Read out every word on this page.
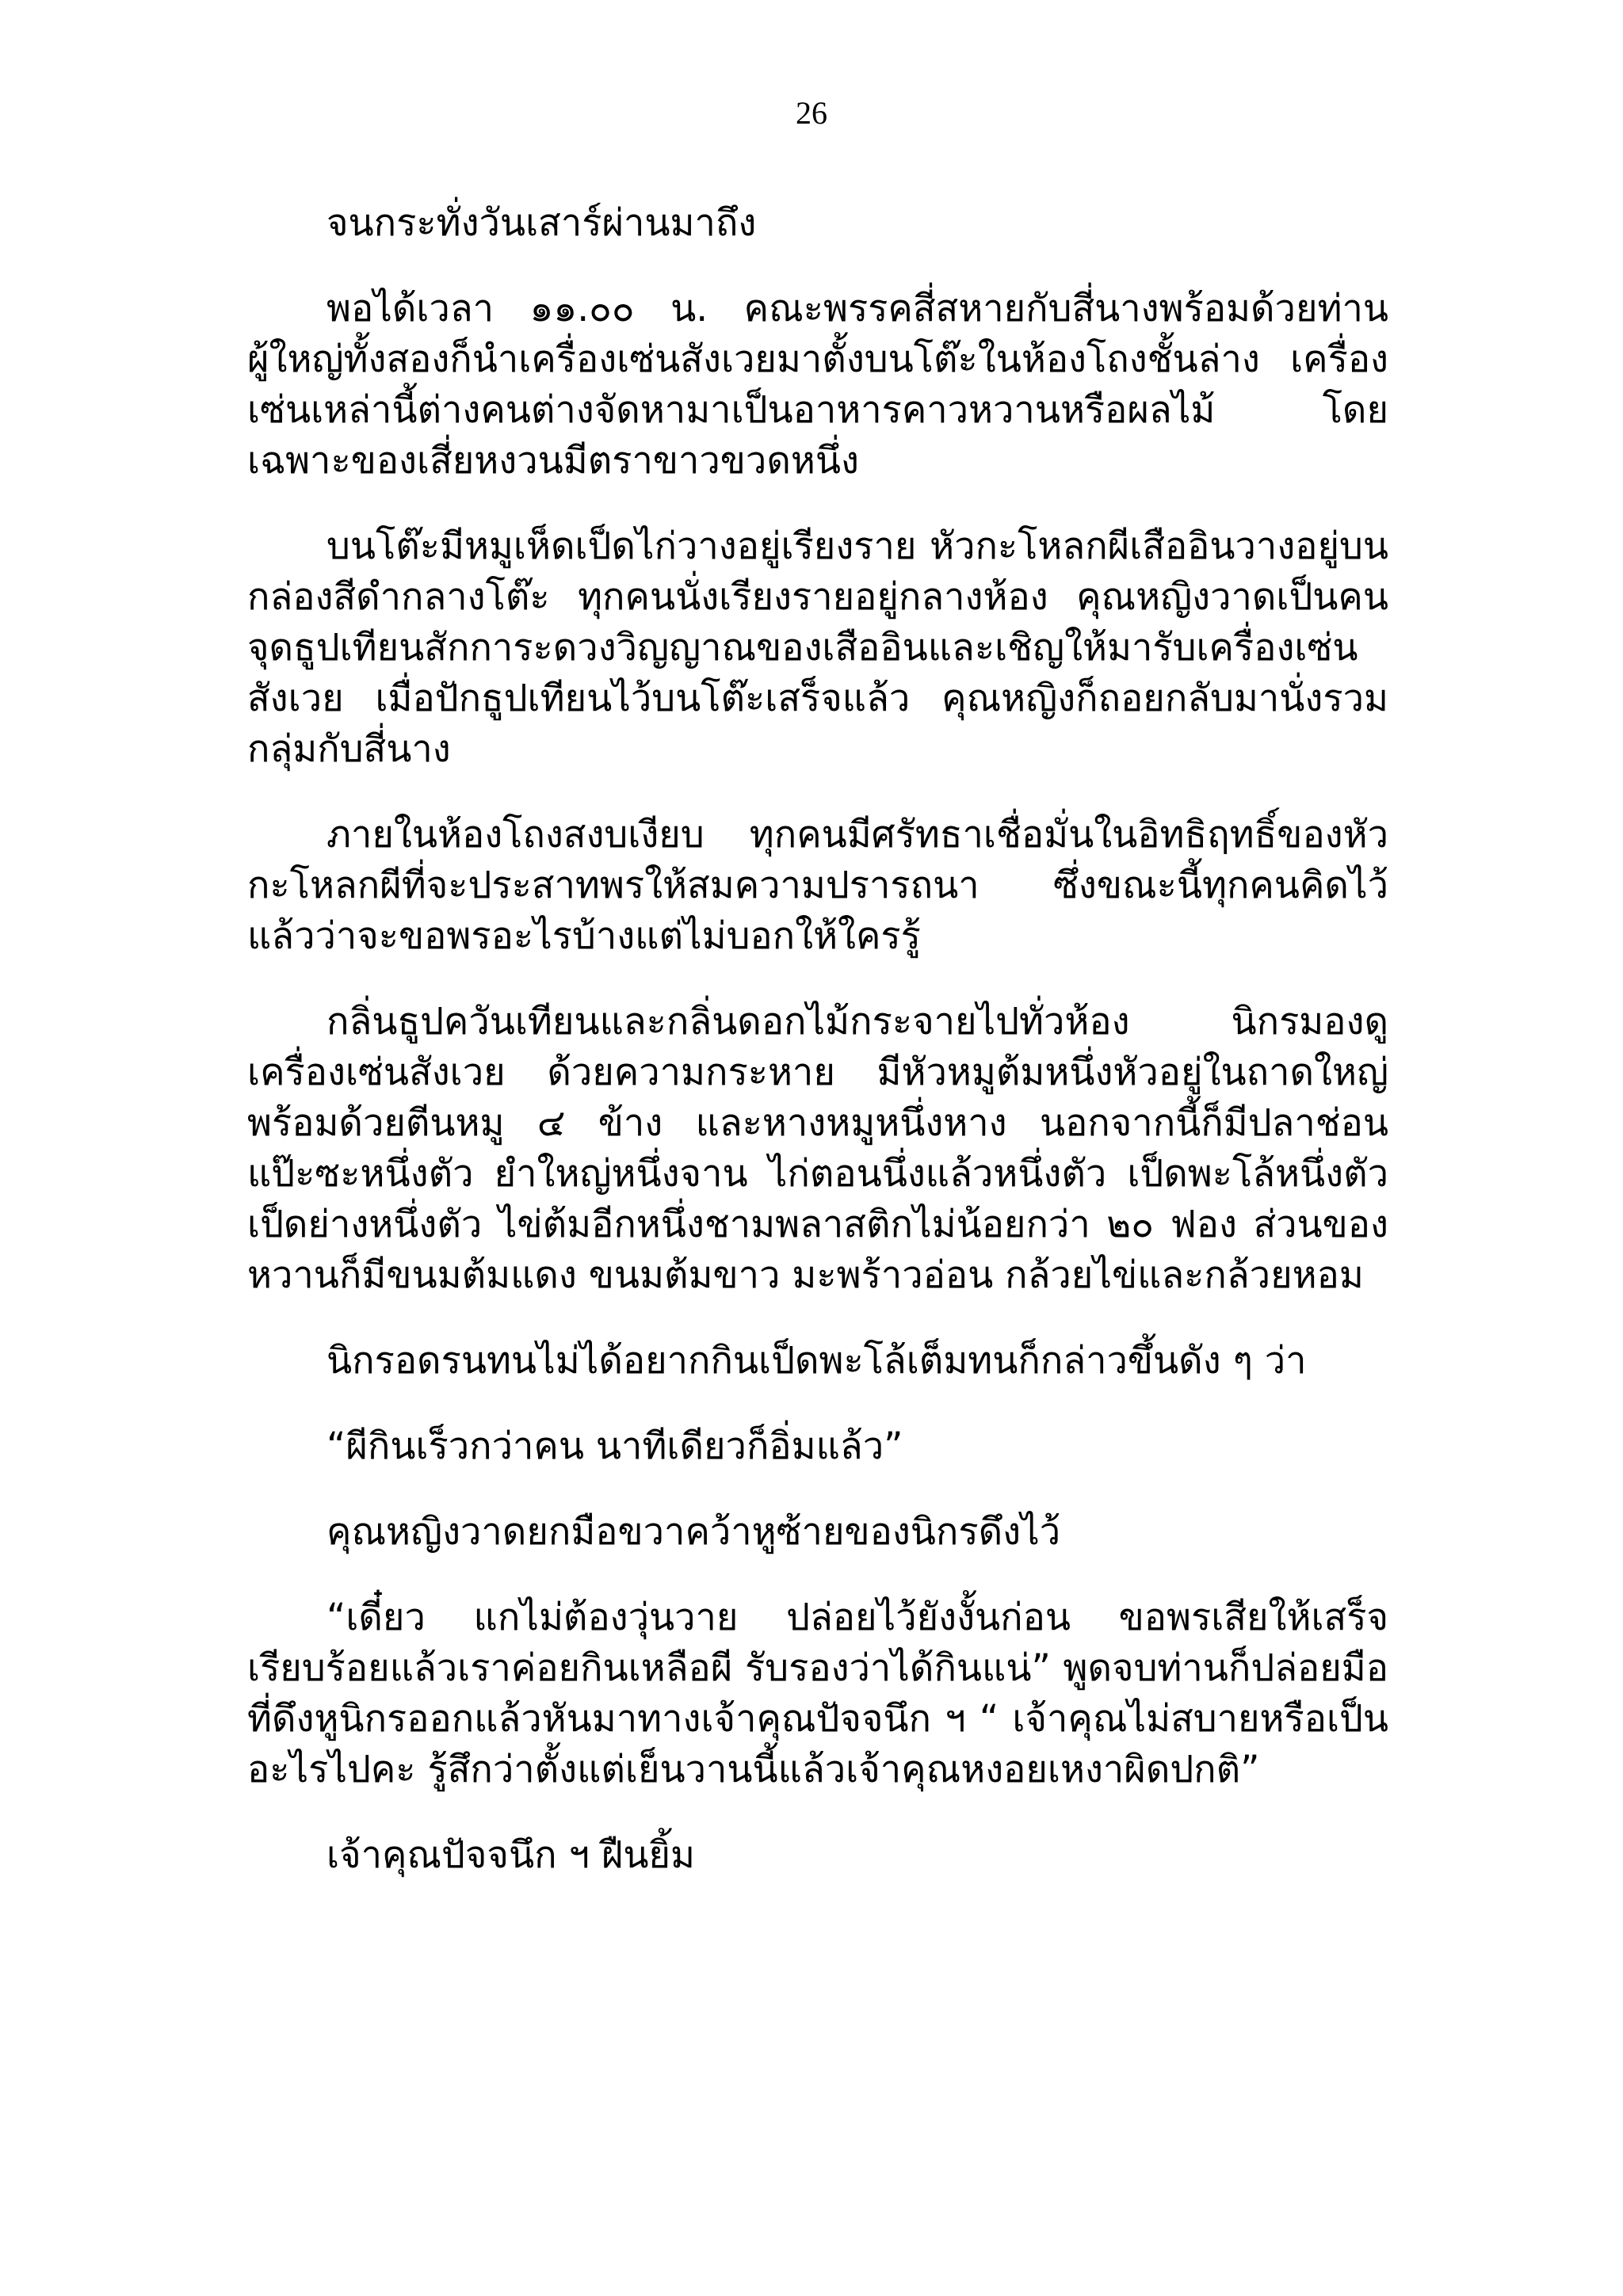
26

จนกระทั่งวันเสาร์ผ่านมาถึง

พอได้เวลา ๑๑.๐๐ น. คณะพรรคสี่สหายกับสี่นางพร้อมด้วยท่านผู้ใหญ่ทั้งสองก็นำเครื่องเซ่นสังเวยมาตั้งบนโต๊ะในห้องโถงชั้นล่าง เครื่องเซ่นเหล่านี้ต่างคนต่างจัดหามาเป็นอาหารคาวหวานหรือผลไม้ โดยเฉพาะของเสี่ยหงวนมีตราขาวขวดหนึ่ง

บนโต๊ะมีหมูเห็ดเป็ดไก่วางอยู่เรียงราย หัวกะโหลกผีเสืออินวางอยู่บนกล่องสีดำกลางโต๊ะ ทุกคนนั่งเรียงรายอยู่กลางห้อง คุณหญิงวาดเป็นคนจุดธูปเทียนสักการะดวงวิญญาณของเสืออินและเชิญให้มารับเครื่องเซ่นสังเวย เมื่อปักธูปเทียนไว้บนโต๊ะเสร็จแล้ว คุณหญิงก็ถอยกลับมานั่งรวมกลุ่มกับสี่นาง

ภายในห้องโถงสงบเงียบ ทุกคนมีศรัทธาเชื่อมั่นในอิทธิฤทธิ์ของหัวกะโหลกผีที่จะประสาทพรให้สมความปรารถนา ซึ่งขณะนี้ทุกคนคิดไว้แล้วว่าจะขอพรอะไรบ้างแต่ไม่บอกให้ใครรู้

กลิ่นธูปควันเทียนและกลิ่นดอกไม้กระจายไปทั่วห้อง นิกรมองดูเครื่องเซ่นสังเวย ด้วยความกระหาย มีหัวหมูต้มหนึ่งหัวอยู่ในถาดใหญ่พร้อมด้วยตีนหมู ๔ ข้าง และหางหมูหนึ่งหาง นอกจากนี้ก็มีปลาช่อนแป๊ะซะหนึ่งตัว ยำใหญ่หนึ่งจาน ไก่ตอนนึ่งแล้วหนึ่งตัว เป็ดพะโล้หนึ่งตัว เป็ดย่างหนึ่งตัว ไข่ต้มอีกหนึ่งชามพลาสติกไม่น้อยกว่า ๒๐ ฟอง ส่วนของหวานก็มีขนมต้มแดง ขนมต้มขาว มะพร้าวอ่อน กล้วยไข่และกล้วยหอม

นิกรอดรนทนไม่ได้อยากกินเป็ดพะโล้เต็มทนก็กล่าวขึ้นดัง ๆ ว่า

“ผีกินเร็วกว่าคน นาทีเดียวก็อิ่มแล้ว”

คุณหญิงวาดยกมือขวาคว้าหูซ้ายของนิกรดึงไว้

“เดี๋ยว แกไม่ต้องวุ่นวาย ปล่อยไว้ยังงั้นก่อน ขอพรเสียให้เสร็จเรียบร้อยแล้วเราค่อยกินเหลือผี รับรองว่าได้กินแน่” พูดจบท่านก็ปล่อยมือที่ดึงหูนิกรออกแล้วหันมาทางเจ้าคุณปัจจนึก ฯ “ เจ้าคุณไม่สบายหรือเป็นอะไรไปคะ รู้สึกว่าตั้งแต่เย็นวานนี้แล้วเจ้าคุณหงอยเหงาผิดปกติ”

เจ้าคุณปัจจนึก ฯ ฝืนยิ้ม
